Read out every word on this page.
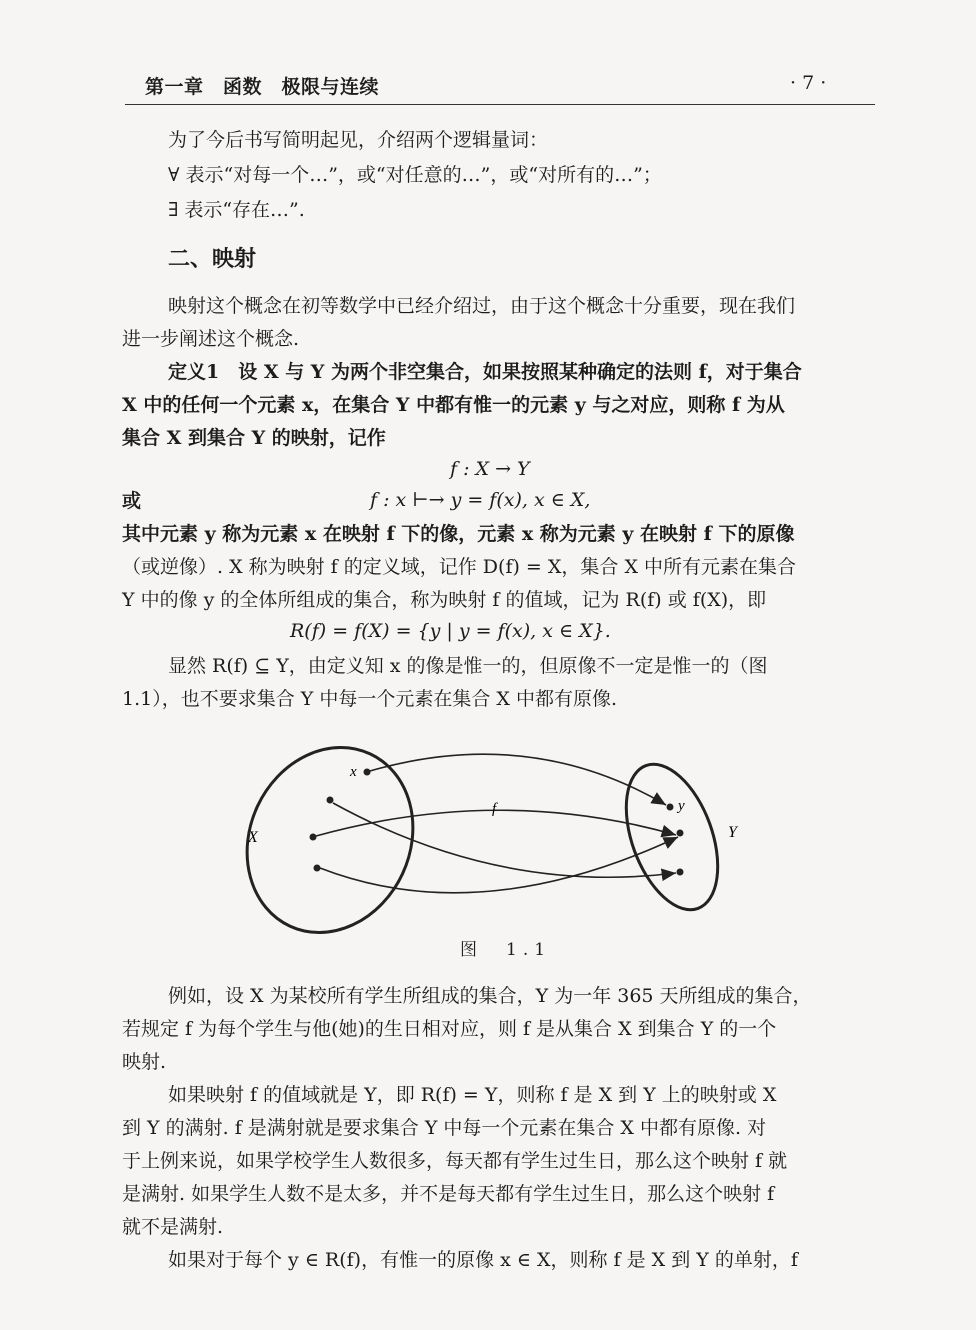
第一章　函数　极限与连续	· 7 ·
为了今后书写简明起见，介绍两个逻辑量词：
∀ 表示“对每一个…”，或“对任意的…”，或“对所有的…”；
∃ 表示“存在…”.
二、映射
映射这个概念在初等数学中已经介绍过，由于这个概念十分重要，现在我们
进一步阐述这个概念.
定义1　设 X 与 Y 为两个非空集合，如果按照某种确定的法则 f，对于集合
X 中的任何一个元素 x，在集合 Y 中都有惟一的元素 y 与之对应，则称 f 为从
集合 X 到集合 Y 的映射，记作
f : X → Y
或	f : x ⊢→ y = f(x), x ∈ X,
其中元素 y 称为元素 x 在映射 f 下的像，元素 x 称为元素 y 在映射 f 下的原像
（或逆像）. X 称为映射 f 的定义域，记作 D(f) = X，集合 X 中所有元素在集合
Y 中的像 y 的全体所组成的集合，称为映射 f 的值域，记为 R(f) 或 f(X)，即
R(f) = f(X) = {y | y = f(x), x ∈ X}.
显然 R(f) ⊆ Y，由定义知 x 的像是惟一的，但原像不一定是惟一的（图
1.1），也不要求集合 Y 中每一个元素在集合 X 中都有原像.
x
y
f
X	Y
图　1.1
例如，设 X 为某校所有学生所组成的集合，Y 为一年 365 天所组成的集合，
若规定 f 为每个学生与他(她)的生日相对应，则 f 是从集合 X 到集合 Y 的一个
映射.
如果映射 f 的值域就是 Y，即 R(f) = Y，则称 f 是 X 到 Y 上的映射或 X
到 Y 的满射. f 是满射就是要求集合 Y 中每一个元素在集合 X 中都有原像. 对
于上例来说，如果学校学生人数很多，每天都有学生过生日，那么这个映射 f 就
是满射. 如果学生人数不是太多，并不是每天都有学生过生日，那么这个映射 f
就不是满射.
如果对于每个 y ∈ R(f)，有惟一的原像 x ∈ X，则称 f 是 X 到 Y 的单射，f
